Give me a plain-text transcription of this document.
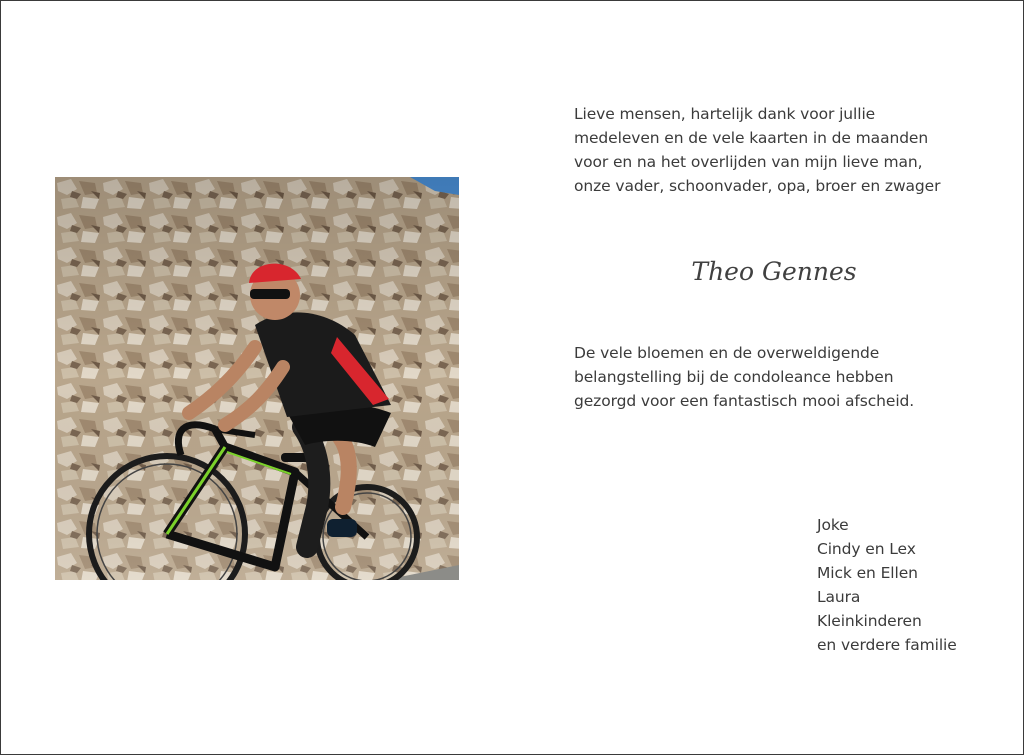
Lieve mensen, hartelijk dank voor jullie
medeleven en de vele kaarten in de maanden
voor en na het overlijden van mijn lieve man,
onze vader, schoonvader, opa, broer en zwager

Theo Gennes

De vele bloemen en de overweldigende
belangstelling bij de condoleance hebben
gezorgd voor een fantastisch mooi afscheid.

Joke
Cindy en Lex
Mick en Ellen
Laura
Kleinkinderen
en verdere familie
